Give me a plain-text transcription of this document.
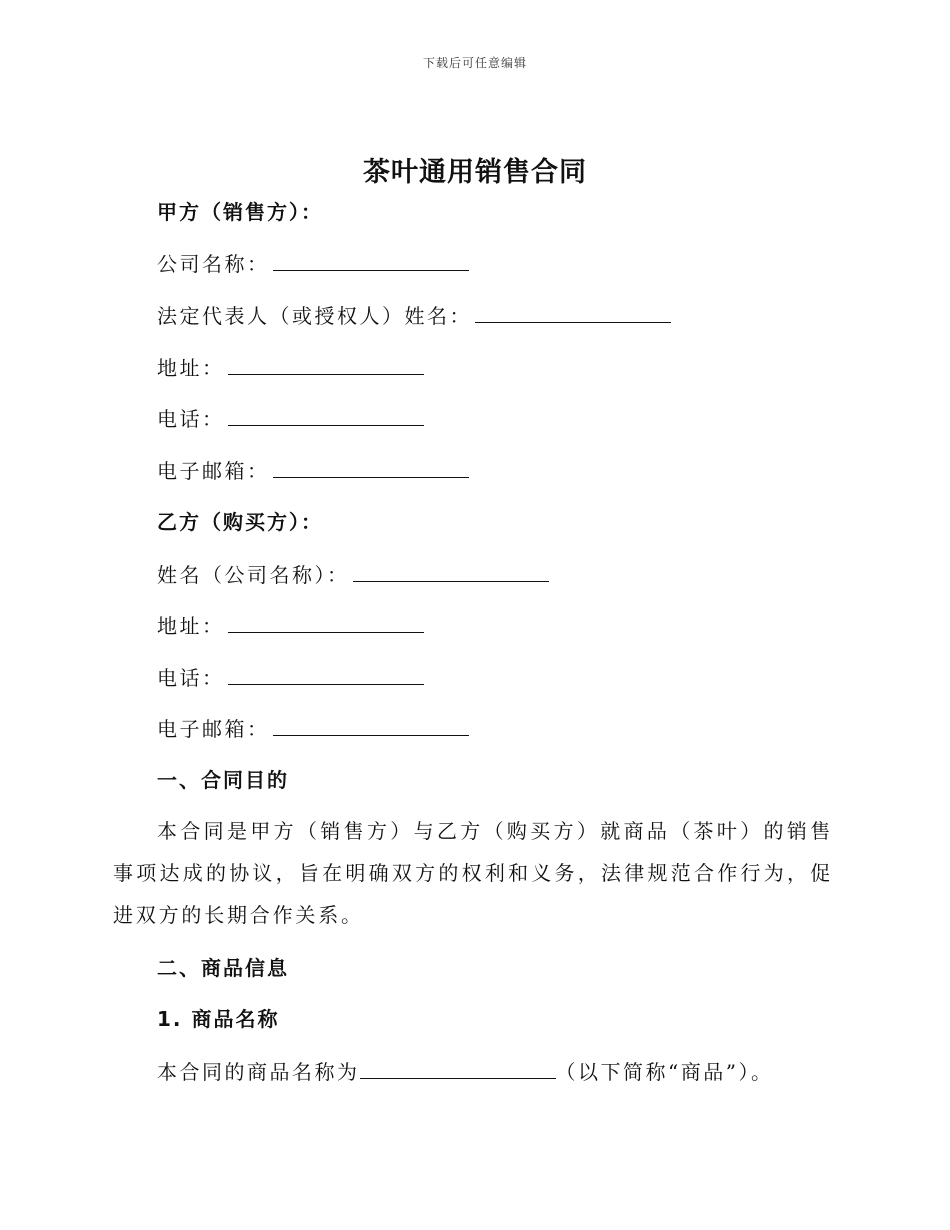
下载后可任意编辑
茶叶通用销售合同
甲方（销售方）：
公司名称：
法定代表人（或授权人）姓名：
地址：
电话：
电子邮箱：
乙方（购买方）：
姓名（公司名称）：
地址：
电话：
电子邮箱：
一、合同目的

本合同是甲方（销售方）与乙方（购买方）就商品（茶叶）的销售事项达成的协议，旨在明确双方的权利和义务，法律规范合作行为，促进双方的长期合作关系。

二、商品信息
1. 商品名称
本合同的商品名称为	（以下简称“商品”）。
